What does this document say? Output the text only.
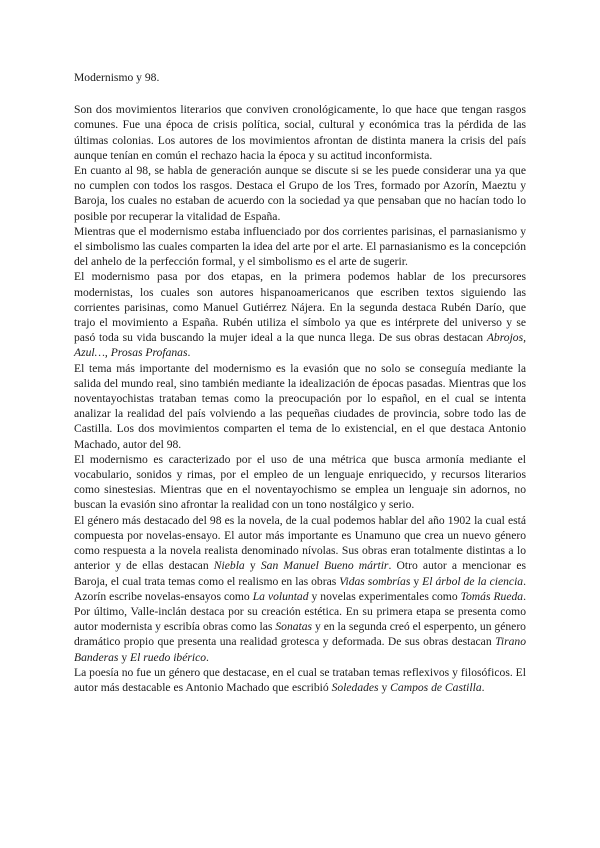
Modernismo y 98.

Son dos movimientos literarios que conviven cronológicamente, lo que hace que tengan rasgos comunes. Fue una época de crisis política, social, cultural y económica tras la pérdida de las últimas colonias. Los autores de los movimientos afrontan de distinta manera la crisis del país aunque tenían en común el rechazo hacia la época y su actitud inconformista.

En cuanto al 98, se habla de generación aunque se discute si se les puede considerar una ya que no cumplen con todos los rasgos. Destaca el Grupo de los Tres, formado por Azorín, Maeztu y Baroja, los cuales no estaban de acuerdo con la sociedad ya que pensaban que no hacían todo lo posible por recuperar la vitalidad de España.

Mientras que el modernismo estaba influenciado por dos corrientes parisinas, el parnasianismo y el simbolismo las cuales comparten la idea del arte por el arte. El parnasianismo es la concepción del anhelo de la perfección formal, y el simbolismo es el arte de sugerir.

El modernismo pasa por dos etapas, en la primera podemos hablar de los precursores modernistas, los cuales son autores hispanoamericanos que escriben textos siguiendo las corrientes parisinas, como Manuel Gutiérrez Nájera. En la segunda destaca Rubén Darío, que trajo el movimiento a España. Rubén utiliza el símbolo ya que es intérprete del universo y se pasó toda su vida buscando la mujer ideal a la que nunca llega. De sus obras destacan Abrojos, Azul…, Prosas Profanas.

El tema más importante del modernismo es la evasión que no solo se conseguía mediante la salida del mundo real, sino también mediante la idealización de épocas pasadas. Mientras que los noventayochistas trataban temas como la preocupación por lo español, en el cual se intenta analizar la realidad del país volviendo a las pequeñas ciudades de provincia, sobre todo las de Castilla. Los dos movimientos comparten el tema de lo existencial, en el que destaca Antonio Machado, autor del 98.

El modernismo es caracterizado por el uso de una métrica que busca armonía mediante el vocabulario, sonidos y rimas, por el empleo de un lenguaje enriquecido, y recursos literarios como sinestesias. Mientras que en el noventayochismo se emplea un lenguaje sin adornos, no buscan la evasión sino afrontar la realidad con un tono nostálgico y serio.

El género más destacado del 98 es la novela, de la cual podemos hablar del año 1902 la cual está compuesta por novelas-ensayo. El autor más importante es Unamuno que crea un nuevo género como respuesta a la novela realista denominado nívolas. Sus obras eran totalmente distintas a lo anterior y de ellas destacan Niebla y San Manuel Bueno mártir. Otro autor a mencionar es Baroja, el cual trata temas como el realismo en las obras Vidas sombrías y El árbol de la ciencia. Azorín escribe novelas-ensayos como La voluntad y novelas experimentales como Tomás Rueda. Por último, Valle-inclán destaca por su creación estética. En su primera etapa se presenta como autor modernista y escribía obras como las Sonatas y en la segunda creó el esperpento, un género dramático propio que presenta una realidad grotesca y deformada. De sus obras destacan Tirano Banderas y El ruedo ibérico.

La poesía no fue un género que destacase, en el cual se trataban temas reflexivos y filosóficos. El autor más destacable es Antonio Machado que escribió Soledades y Campos de Castilla.
